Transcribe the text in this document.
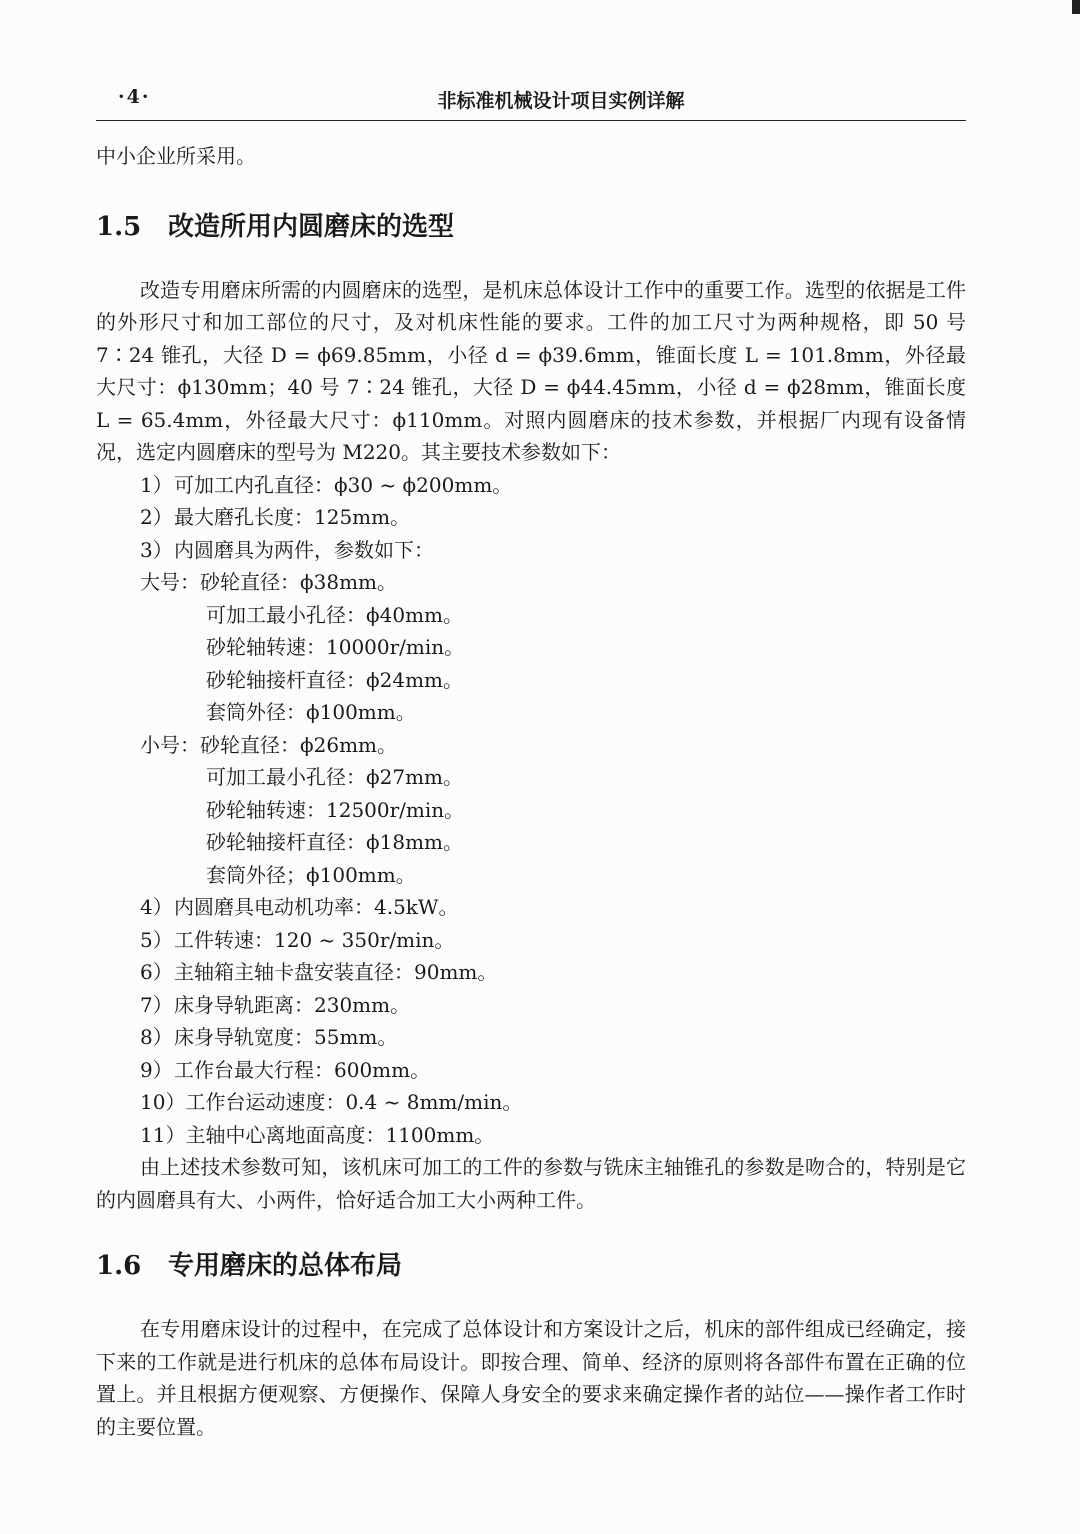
·4·	非标准机械设计项目实例详解

中小企业所采用。

1.5 改造所用内圆磨床的选型

改造专用磨床所需的内圆磨床的选型，是机床总体设计工作中的重要工作。选型的依据是工件的外形尺寸和加工部位的尺寸，及对机床性能的要求。工件的加工尺寸为两种规格，即 50 号 7∶24 锥孔，大径 D = ϕ69.85mm，小径 d = ϕ39.6mm，锥面长度 L = 101.8mm，外径最大尺寸：ϕ130mm；40 号 7∶24 锥孔，大径 D = ϕ44.45mm，小径 d = ϕ28mm，锥面长度 L = 65.4mm，外径最大尺寸：ϕ110mm。对照内圆磨床的技术参数，并根据厂内现有设备情况，选定内圆磨床的型号为 M220。其主要技术参数如下：

1）可加工内孔直径：ϕ30 ~ ϕ200mm。

2）最大磨孔长度：125mm。

3）内圆磨具为两件，参数如下：

大号：砂轮直径：ϕ38mm。

可加工最小孔径：ϕ40mm。

砂轮轴转速：10000r/min。

砂轮轴接杆直径：ϕ24mm。

套筒外径：ϕ100mm。

小号：砂轮直径：ϕ26mm。

可加工最小孔径：ϕ27mm。

砂轮轴转速：12500r/min。

砂轮轴接杆直径：ϕ18mm。

套筒外径；ϕ100mm。

4）内圆磨具电动机功率：4.5kW。

5）工件转速：120 ~ 350r/min。

6）主轴箱主轴卡盘安装直径：90mm。

7）床身导轨距离：230mm。

8）床身导轨宽度：55mm。

9）工作台最大行程：600mm。

10）工作台运动速度：0.4 ~ 8mm/min。

11）主轴中心离地面高度：1100mm。

由上述技术参数可知，该机床可加工的工件的参数与铣床主轴锥孔的参数是吻合的，特别是它的内圆磨具有大、小两件，恰好适合加工大小两种工件。

1.6 专用磨床的总体布局

在专用磨床设计的过程中，在完成了总体设计和方案设计之后，机床的部件组成已经确定，接下来的工作就是进行机床的总体布局设计。即按合理、简单、经济的原则将各部件布置在正确的位置上。并且根据方便观察、方便操作、保障人身安全的要求来确定操作者的站位——操作者工作时的主要位置。
